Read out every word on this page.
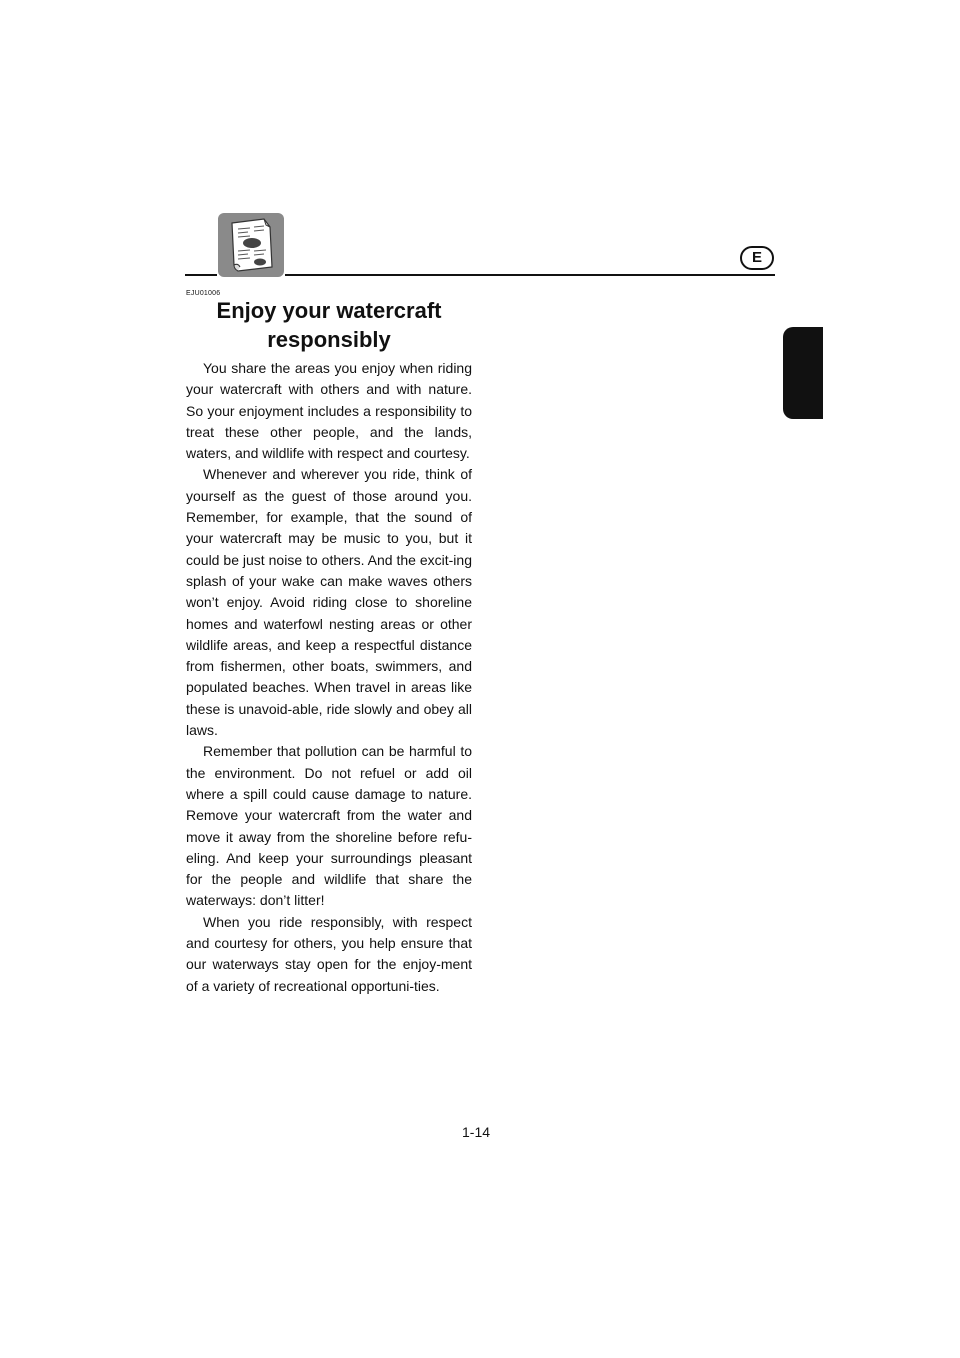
E
EJU01006
Enjoy your watercraft
responsibly

You share the areas you enjoy when riding your watercraft with others and with nature. So your enjoyment includes a responsibility to treat these other people, and the lands, waters, and wildlife with respect and courtesy.

Whenever and wherever you ride, think of yourself as the guest of those around you. Remember, for example, that the sound of your watercraft may be music to you, but it could be just noise to others. And the excit-ing splash of your wake can make waves others won’t enjoy. Avoid riding close to shoreline homes and waterfowl nesting areas or other wildlife areas, and keep a respectful distance from fishermen, other boats, swimmers, and populated beaches. When travel in areas like these is unavoid-able, ride slowly and obey all laws.

Remember that pollution can be harmful to the environment. Do not refuel or add oil where a spill could cause damage to nature. Remove your watercraft from the water and move it away from the shoreline before refu-eling. And keep your surroundings pleasant for the people and wildlife that share the waterways: don’t litter!

When you ride responsibly, with respect and courtesy for others, you help ensure that our waterways stay open for the enjoy-ment of a variety of recreational opportuni-ties.

1-14
